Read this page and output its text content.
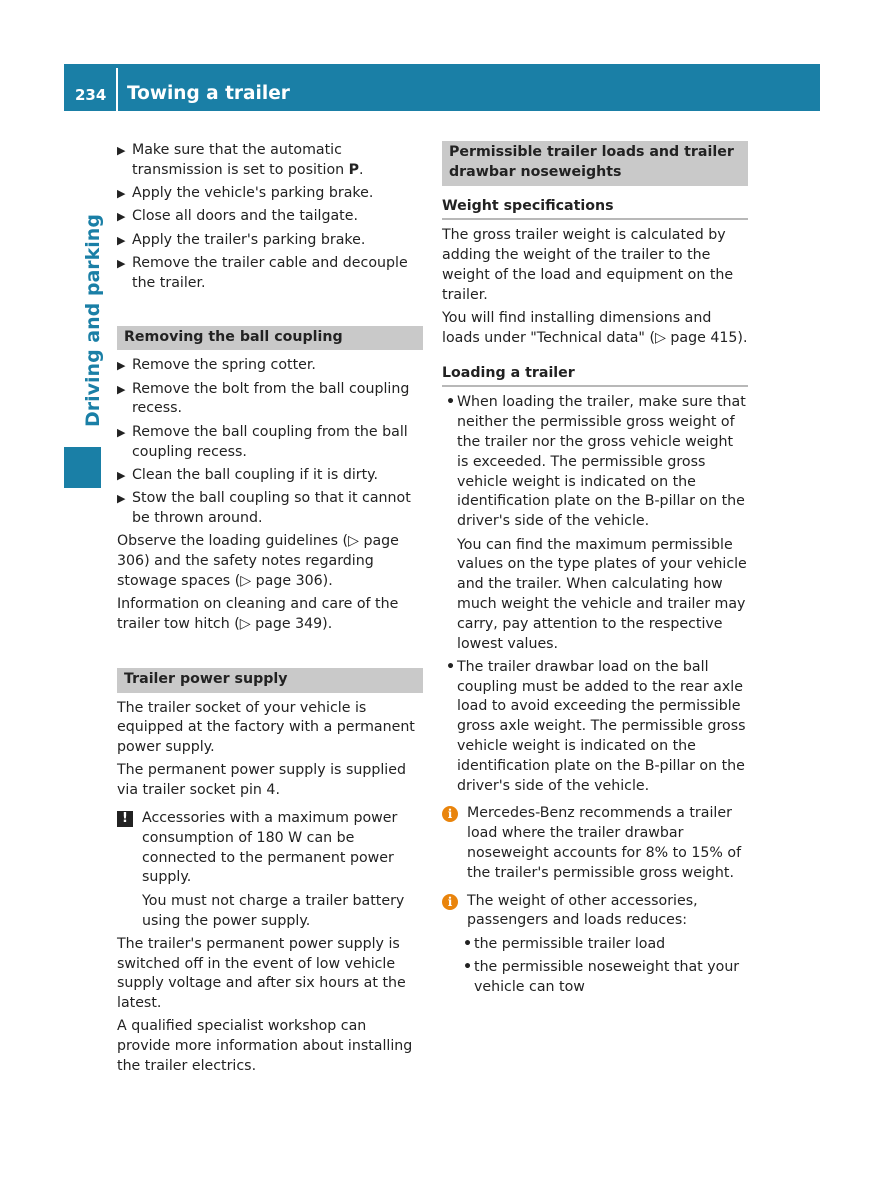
234 Towing a trailer
Driving and parking
▶ Make sure that the automatic transmission is set to position P.
▶ Apply the vehicle's parking brake.
▶ Close all doors and the tailgate.
▶ Apply the trailer's parking brake.
▶ Remove the trailer cable and decouple the trailer.
Removing the ball coupling
▶ Remove the spring cotter.
▶ Remove the bolt from the ball coupling recess.
▶ Remove the ball coupling from the ball coupling recess.
▶ Clean the ball coupling if it is dirty.
▶ Stow the ball coupling so that it cannot be thrown around.

Observe the loading guidelines (▷ page 306) and the safety notes regarding stowage spaces (▷ page 306).

Information on cleaning and care of the trailer tow hitch (▷ page 349).

Trailer power supply

The trailer socket of your vehicle is equipped at the factory with a permanent power supply.

The permanent power supply is supplied via trailer socket pin 4.

! Accessories with a maximum power consumption of 180 W can be connected to the permanent power supply.

You must not charge a trailer battery using the power supply.

The trailer's permanent power supply is switched off in the event of low vehicle supply voltage and after six hours at the latest.

A qualified specialist workshop can provide more information about installing the trailer electrics.

Permissible trailer loads and trailer drawbar noseweights
Weight specifications

The gross trailer weight is calculated by adding the weight of the trailer to the weight of the load and equipment on the trailer.

You will find installing dimensions and loads under "Technical data" (▷ page 415).

Loading a trailer
• When loading the trailer, make sure that neither the permissible gross weight of the trailer nor the gross vehicle weight is exceeded. The permissible gross vehicle weight is indicated on the identification plate on the B-pillar on the driver's side of the vehicle.

You can find the maximum permissible values on the type plates of your vehicle and the trailer. When calculating how much weight the vehicle and trailer may carry, pay attention to the respective lowest values.

• The trailer drawbar load on the ball coupling must be added to the rear axle load to avoid exceeding the permissible gross axle weight. The permissible gross vehicle weight is indicated on the identification plate on the B-pillar on the driver's side of the vehicle.

i	Mercedes-Benz recommends a trailer load where the trailer drawbar noseweight accounts for 8% to 15% of the trailer's permissible gross weight.

i	The weight of other accessories, passengers and loads reduces:

• the permissible trailer load
• the permissible noseweight that your vehicle can tow
